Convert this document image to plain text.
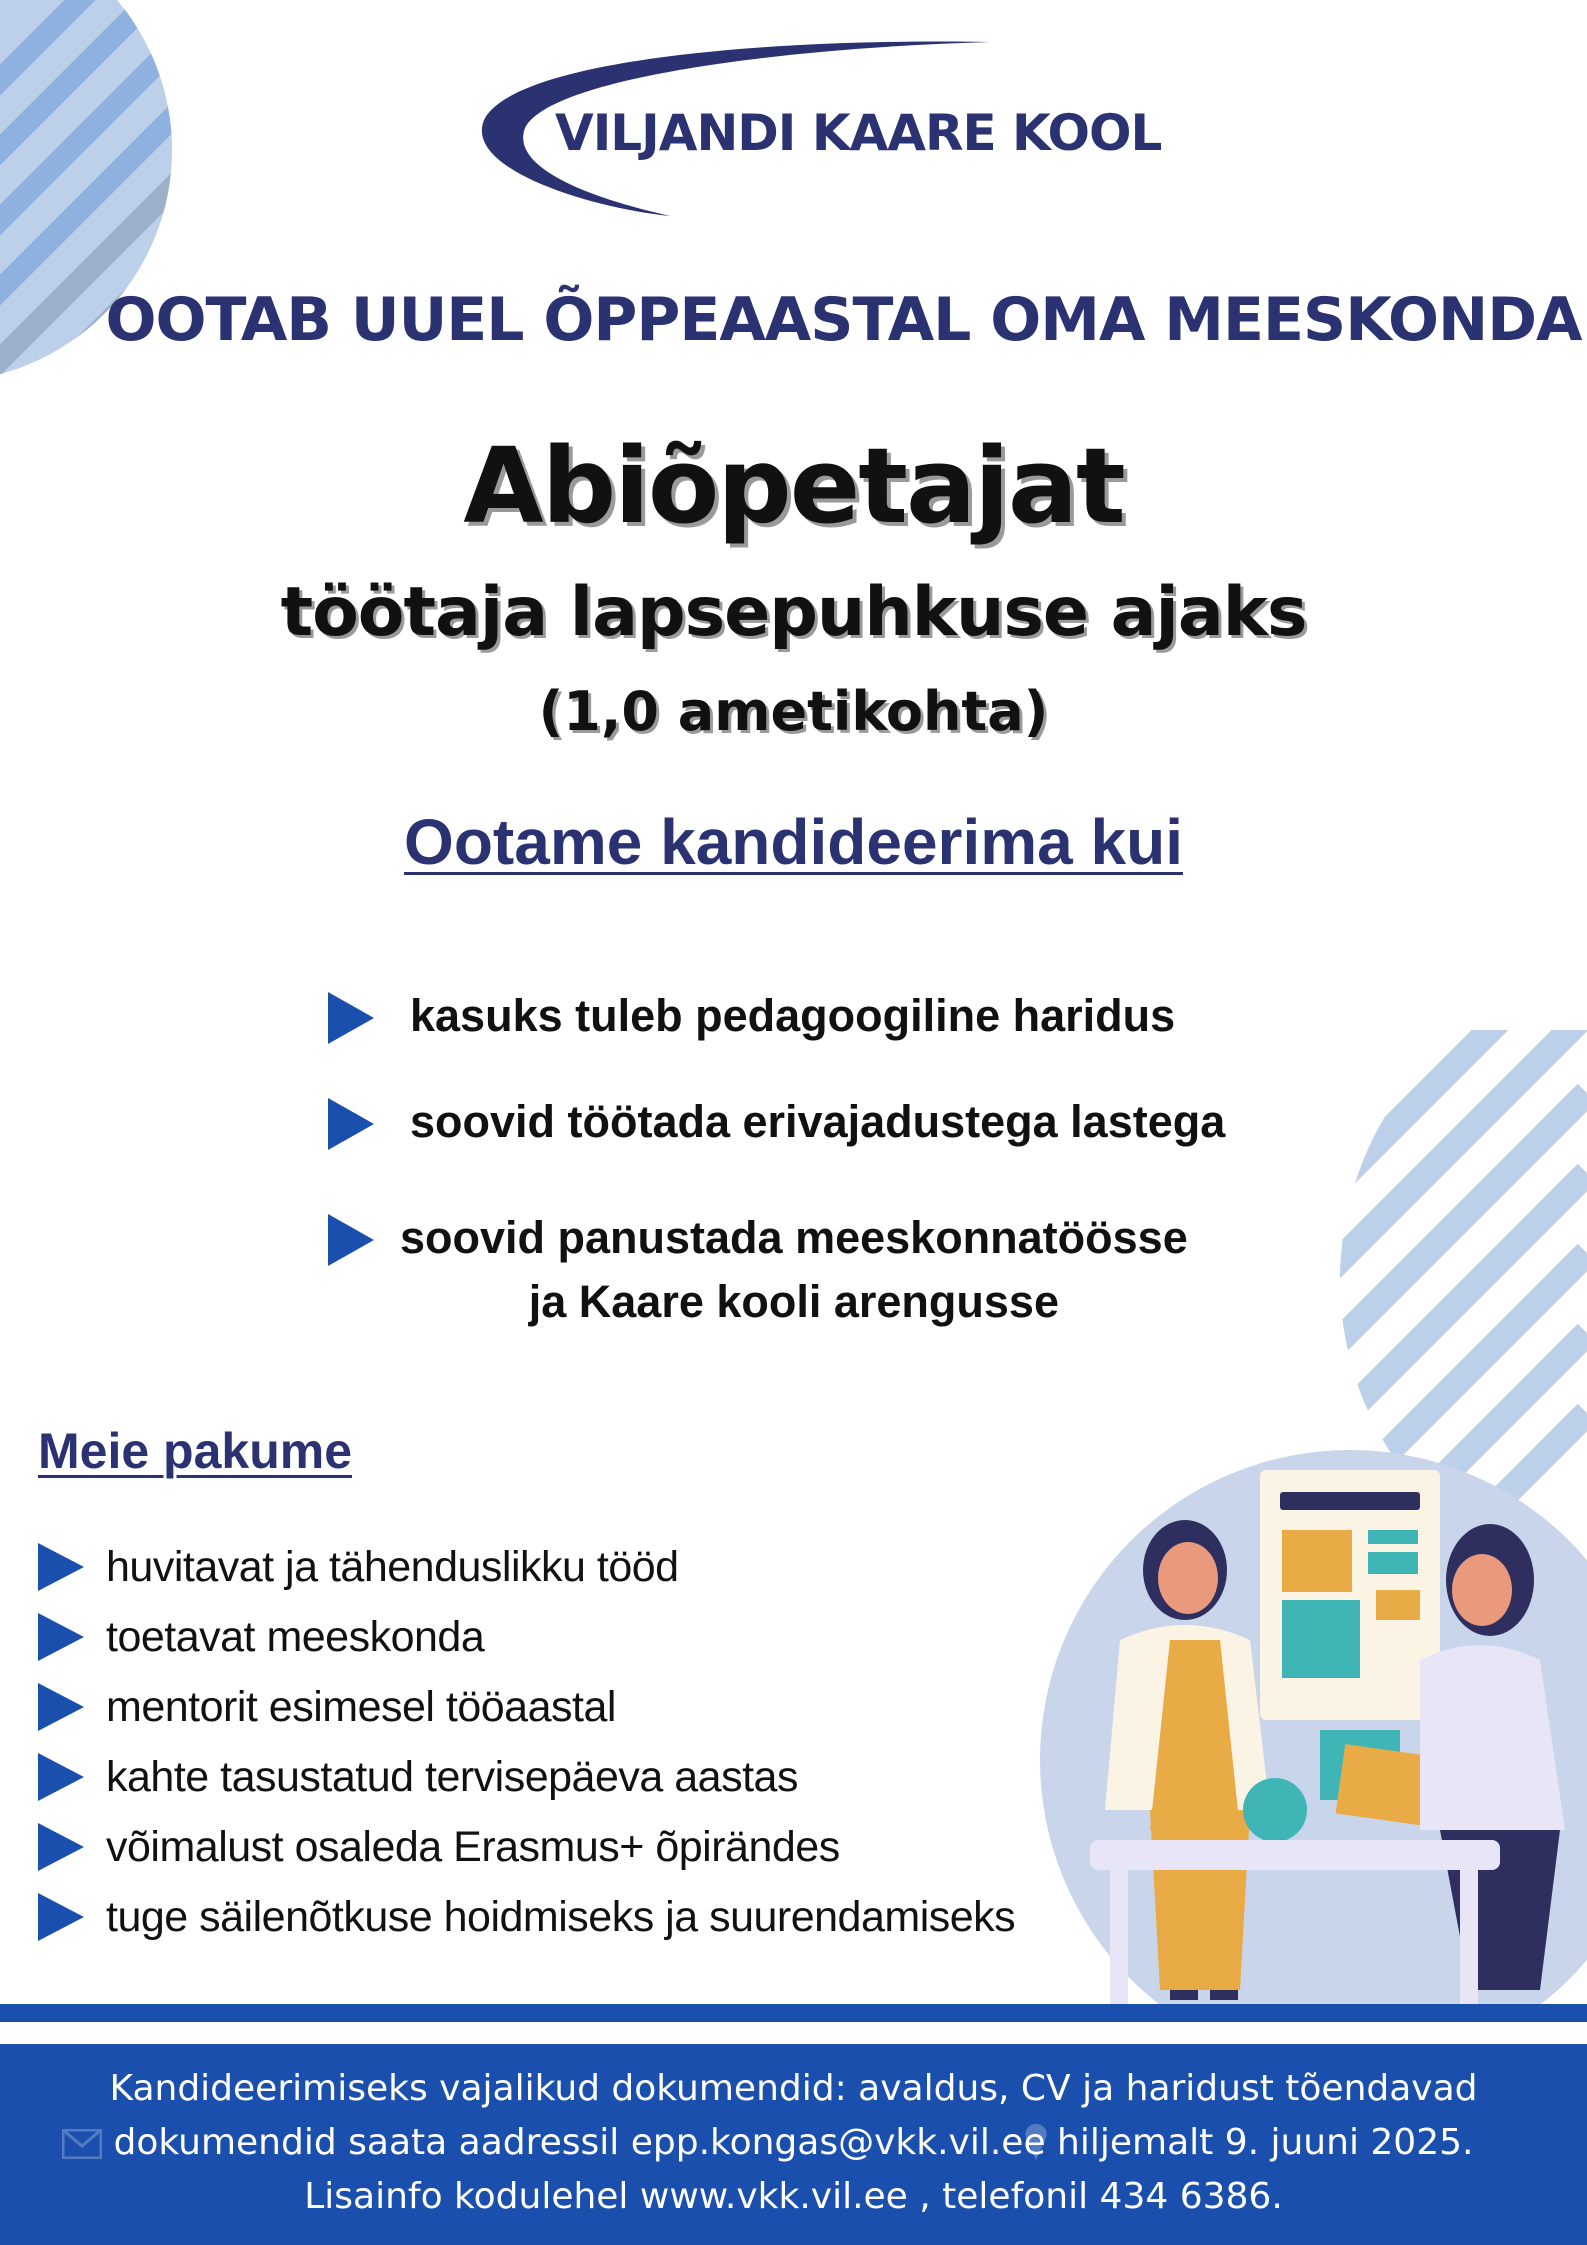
VILJANDI KAARE KOOL
OOTAB UUEL ÕPPEAASTAL OMA MEESKONDA
Abiõpetajat
töötaja lapsepuhkuse ajaks
(1,0 ametikohta)
Ootame kandideerima kui
kasuks tuleb pedagoogiline haridus
soovid töötada erivajadustega lastega
soovid panustada meeskonnatöösse
ja Kaare kooli arengusse
Meie pakume
huvitavat ja tähenduslikku tööd
toetavat meeskonda
mentorit esimesel tööaastal
kahte tasustatud tervisepäeva aastas
võimalust osaleda Erasmus+ õpirändes
tuge säilenõtkuse hoidmiseks ja suurendamiseks
Kandideerimiseks vajalikud dokumendid: avaldus, CV ja haridust tõendavad
dokumendid saata aadressil epp.kongas@vkk.vil.ee hiljemalt 9. juuni 2025.
Lisainfo kodulehel www.vkk.vil.ee , telefonil 434 6386.
